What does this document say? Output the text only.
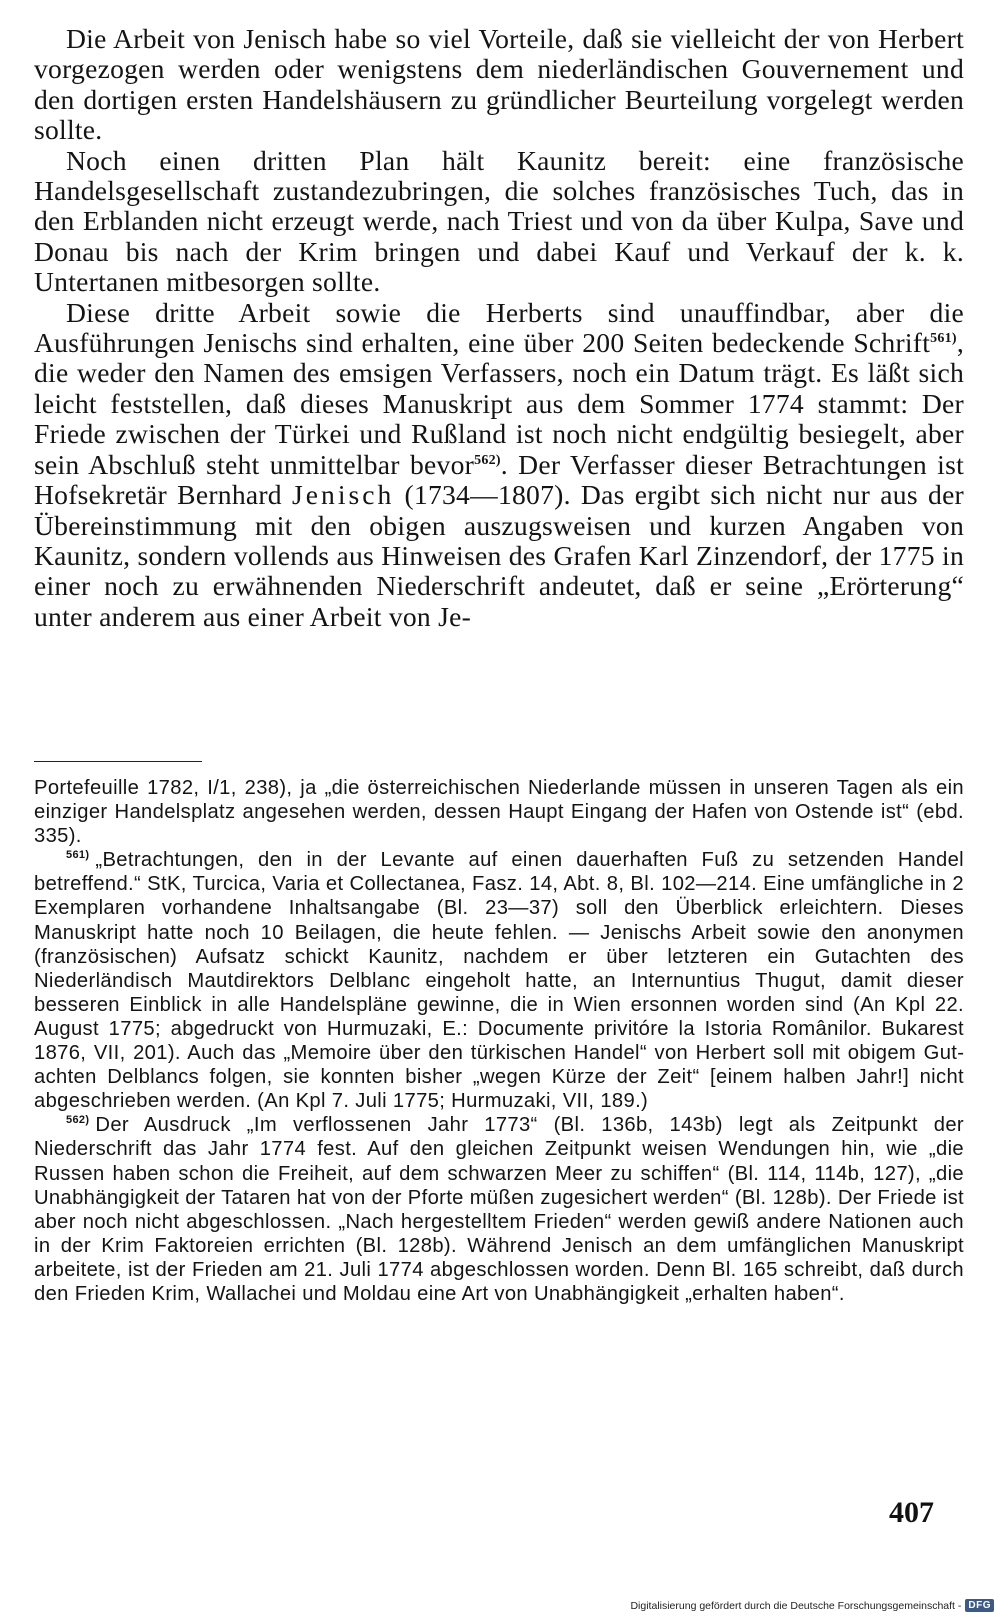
Die Arbeit von Jenisch habe so viel Vorteile, daß sie vielleicht der von Herbert vorgezogen werden oder wenigstens dem niederländischen Gouvernement und den dortigen ersten Handelshäusern zu gründlicher Beurteilung vorgelegt werden sollte.

Noch einen dritten Plan hält Kaunitz bereit: eine französische Handelsgesellschaft zustandezubringen, die solches französisches Tuch, das in den Erblanden nicht erzeugt werde, nach Triest und von da über Kulpa, Save und Donau bis nach der Krim bringen und dabei Kauf und Verkauf der k. k. Untertanen mitbesorgen sollte.

Diese dritte Arbeit sowie die Herberts sind unauffindbar, aber die Ausführungen Jenischs sind erhalten, eine über 200 Seiten bedeckende Schrift$^{561)}$, die weder den Namen des emsigen Verfassers, noch ein Datum trägt. Es läßt sich leicht feststellen, daß dieses Manuskript aus dem Sommer 1774 stammt: Der Friede zwischen der Türkei und Rußland ist noch nicht endgültig besiegelt, aber sein Abschluß steht unmittelbar bevor$^{562)}$. Der Verfasser dieser Betrachtungen ist Hofsekretär Bernhard Jenisch (1734—1807). Das ergibt sich nicht nur aus der Übereinstimmung mit den obigen auszugsweisen und kurzen Angaben von Kaunitz, sondern vollends aus Hinweisen des Grafen Karl Zinzendorf, der 1775 in einer noch zu erwähnenden Niederschrift andeutet, daß er seine „Erörterung“ unter anderem aus einer Arbeit von Je-

Portefeuille 1782, I/1, 238), ja „die österreichischen Niederlande müssen in unseren Tagen als ein einziger Handelsplatz angesehen werden, dessen Haupt Eingang der Hafen von Ostende ist“ (ebd. 335).

$^{561)}$ „Betrachtungen, den in der Levante auf einen dauerhaften Fuß zu setzenden Handel betreffend.“ StK, Turcica, Varia et Collectanea, Fasz. 14, Abt. 8, Bl. 102—214. Eine umfängliche in 2 Exemplaren vorhandene Inhaltsangabe (Bl. 23—37) soll den Überblick erleichtern. Dieses Manuskript hatte noch 10 Beilagen, die heute fehlen. — Jenischs Arbeit sowie den anonymen (französischen) Aufsatz schickt Kaunitz, nachdem er über letzteren ein Gutachten des Niederländisch Mautdirektors Delblanc eingeholt hatte, an Internuntius Thugut, damit dieser besseren Einblick in alle Handelspläne gewinne, die in Wien ersonnen worden sind (An Kpl 22. August 1775; abgedruckt von Hurmuzaki, E.: Documente privitóre la Istoria Românilor. Bukarest 1876, VII, 201). Auch das „Memoire über den türkischen Handel“ von Herbert soll mit obigem Gutachten Delblancs folgen, sie konnten bisher „wegen Kürze der Zeit“ [einem halben Jahr!] nicht abgeschrieben werden. (An Kpl 7. Juli 1775; Hurmuzaki, VII, 189.)

$^{562)}$ Der Ausdruck „Im verflossenen Jahr 1773“ (Bl. 136b, 143b) legt als Zeitpunkt der Niederschrift das Jahr 1774 fest. Auf den gleichen Zeitpunkt weisen Wendungen hin, wie „die Russen haben schon die Freiheit, auf dem schwarzen Meer zu schiffen“ (Bl. 114, 114b, 127), „die Unabhängigkeit der Tataren hat von der Pforte müßen zugesichert werden“ (Bl. 128b). Der Friede ist aber noch nicht abgeschlossen. „Nach hergestelltem Frieden“ werden gewiß andere Nationen auch in der Krim Faktoreien errichten (Bl. 128b). Während Jenisch an dem umfänglichen Manuskript arbeitete, ist der Frieden am 21. Juli 1774 abgeschlossen worden. Denn Bl. 165 schreibt, daß durch den Frieden Krim, Wallachei und Moldau eine Art von Unabhängigkeit „erhalten haben“.

407
Digitalisierung gefördert durch die Deutsche Forschungsgemeinschaft - DFG
